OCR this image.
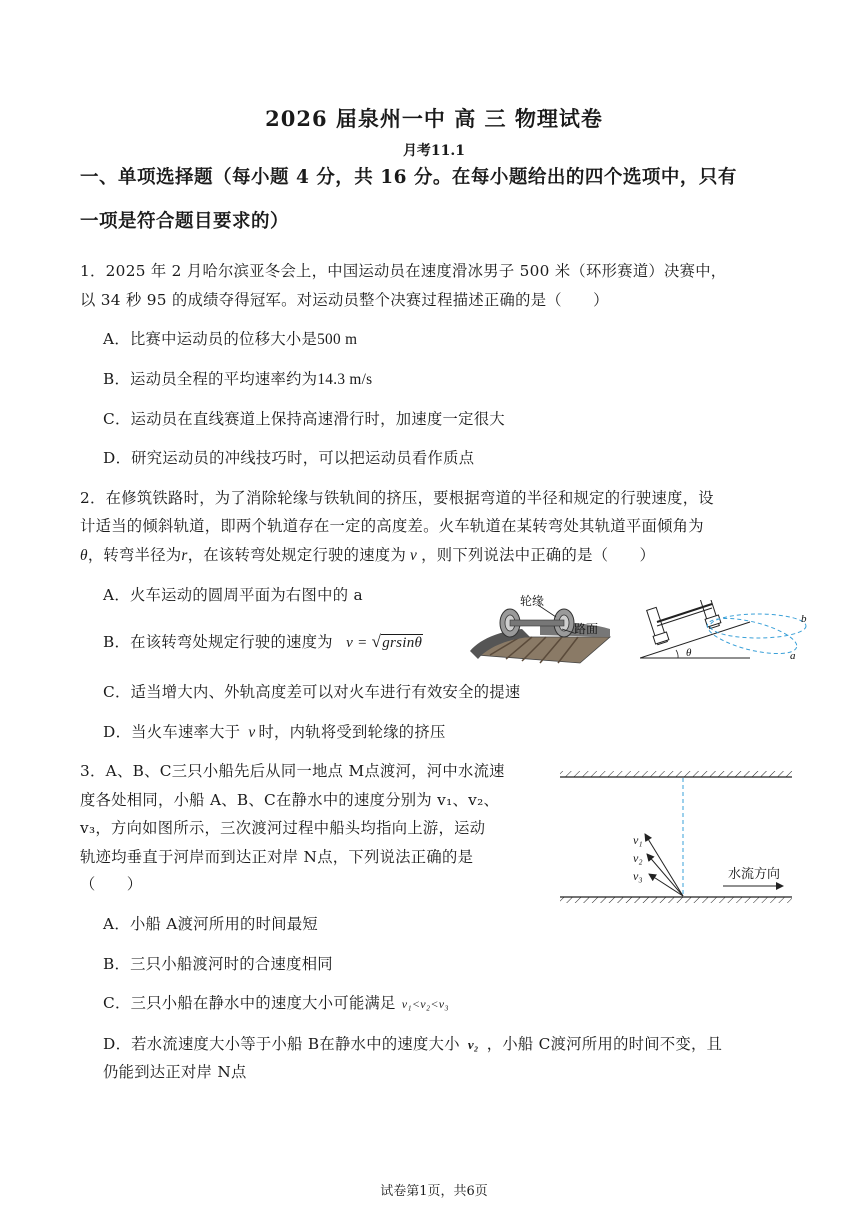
2026 届泉州一中 高 三 物理试卷
月考11.1
一、单项选择题（每小题 4 分，共 16 分。在每小题给出的四个选项中，只有
一项是符合题目要求的）
1．2025 年 2 月哈尔滨亚冬会上，中国运动员在速度滑冰男子 500 米（环形赛道）决赛中，
以 34 秒 95 的成绩夺得冠军。对运动员整个决赛过程描述正确的是（　　）
A．比赛中运动员的位移大小是500 m
B．运动员全程的平均速率约为14.3 m/s
C．运动员在直线赛道上保持高速滑行时，加速度一定很大
D．研究运动员的冲线技巧时，可以把运动员看作质点
2．在修筑铁路时，为了消除轮缘与铁轨间的挤压，要根据弯道的半径和规定的行驶速度，设
计适当的倾斜轨道，即两个轨道存在一定的高度差。火车轨道在某转弯处其轨道平面倾角为
θ，转弯半径为r，在该转弯处规定行驶的速度为 v ，则下列说法中正确的是（　　）
A．火车运动的圆周平面为右图中的 a
B．在该转弯处规定行驶的速度为 v = √grsinθ
C．适当增大内、外轨高度差可以对火车进行有效安全的提速
D．当火车速率大于 v 时，内轨将受到轮缘的挤压
轮缘
路面
θ
b
a
3．A、B、C三只小船先后从同一地点 M点渡河，河中水流速
度各处相同，小船 A、B、C在静水中的速度分别为 v₁、v₂、
v₃，方向如图所示，三次渡河过程中船头均指向上游，运动
轨迹均垂直于河岸而到达正对岸 N点，下列说法正确的是
（　　）
A．小船 A渡河所用的时间最短
B．三只小船渡河时的合速度相同
C．三只小船在静水中的速度大小可能满足 v₁<v₂<v₃
D．若水流速度大小等于小船 B在静水中的速度大小 v₂ ，小船 C渡河所用的时间不变，且
仍能到达正对岸 N点
v₁
v₂
v₃	水流方向
试卷第1页，共6页
